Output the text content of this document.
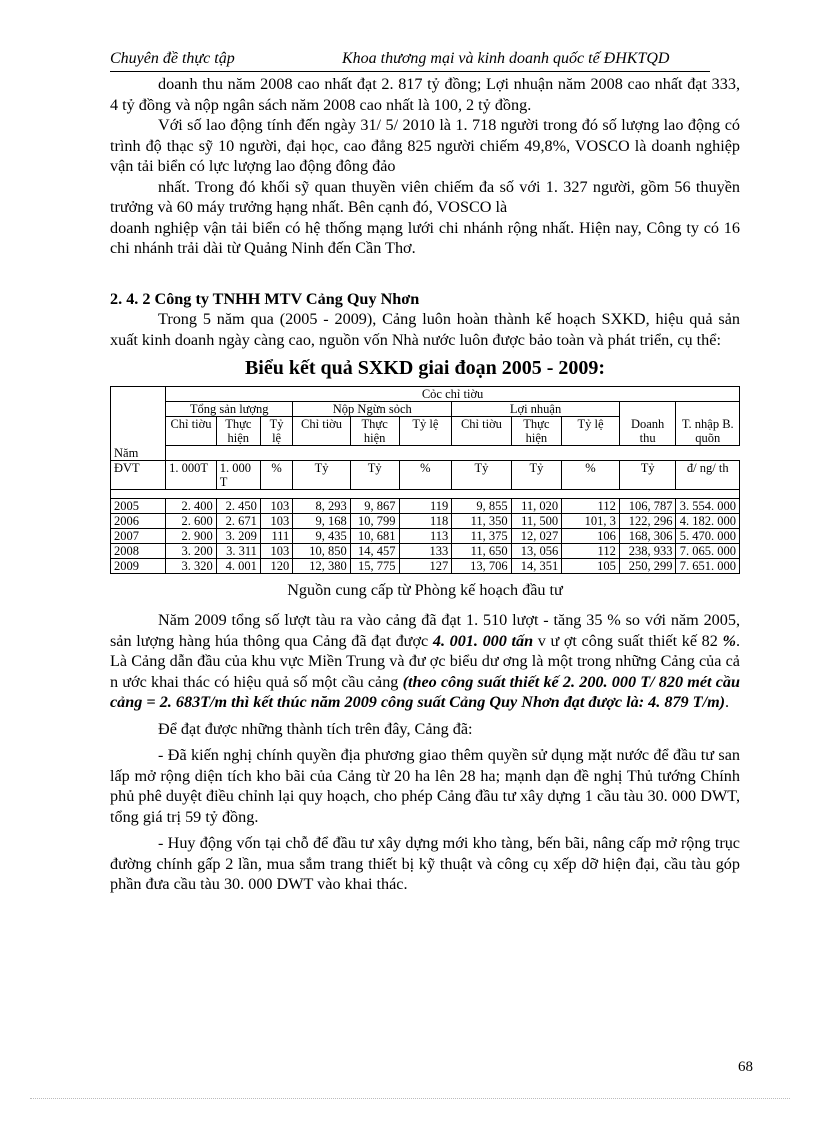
Chuyên đề thực tập	Khoa thương mại và kinh doanh quốc tế ĐHKTQD

doanh thu năm 2008 cao nhất đạt 2. 817 tỷ đồng; Lợi nhuận năm 2008 cao nhất đạt 333, 4 tỷ đồng và nộp ngân sách năm 2008 cao nhất là 100, 2 tỷ đồng.

Với số lao động tính đến ngày 31/ 5/ 2010 là 1. 718 người trong đó số lượng lao động có trình độ thạc sỹ 10 người, đại học, cao đẳng 825 người chiếm 49,8%, VOSCO là doanh nghiệp vận tải biển có lực lượng lao động đông đảo

nhất. Trong đó khối sỹ quan thuyền viên chiếm đa số với 1. 327 người, gồm 56 thuyền trưởng và 60 máy trưởng hạng nhất. Bên cạnh đó, VOSCO là

doanh nghiệp vận tải biển có hệ thống mạng lưới chi nhánh rộng nhất. Hiện nay, Công ty có 16 chi nhánh trải dài từ Quảng Ninh đến Cần Thơ.

2. 4. 2 Công ty TNHH MTV Cảng Quy Nhơn

Trong 5 năm qua (2005 - 2009), Cảng luôn hoàn thành kế hoạch SXKD, hiệu quả sản xuất kinh doanh ngày càng cao, nguồn vốn Nhà nước luôn được bảo toàn và phát triển, cụ thể:

Biểu kết quả SXKD giai đoạn 2005 - 2009:
	Cỏc chỉ tiờu										
	Tổng sản lượng			Nộp Ngừn sỏch			Lợi nhuận				
	Chỉ tiờu	Thực hiện	Tỷ lệ	Chỉ tiờu	Thực hiện	Tỷ lệ	Chỉ tiờu	Thực hiện	Tỷ lệ	Doanh thu	T. nhập B. quõn
Năm											
ĐVT	1. 000T	1. 000 T	%	Tỷ	Tỷ	%	Tỷ	Tỷ	%	Tỷ	đ/ ng/ th

2005	2. 400	2. 450	103	8, 293	9, 867	119	9, 855	11, 020	112	106, 787	3. 554. 000
2006	2. 600	2. 671	103	9, 168	10, 799	118	11, 350	11, 500	101, 3	122, 296	4. 182. 000
2007	2. 900	3. 209	111	9, 435	10, 681	113	11, 375	12, 027	106	168, 306	5. 470. 000
2008	3. 200	3. 311	103	10, 850	14, 457	133	11, 650	13, 056	112	238, 933	7. 065. 000
2009	3. 320	4. 001	120	12, 380	15, 775	127	13, 706	14, 351	105	250, 299	7. 651. 000
Nguồn cung cấp từ Phòng kế hoạch đầu tư

Năm 2009 tổng số lượt tàu ra vào cảng đã đạt 1. 510 lượt - tăng 35 % so với năm 2005, sản lượng hàng húa thông qua Cảng đã đạt được 4. 001. 000 tấn v ư ợt công suất thiết kế 82 %. Là Cảng dẫn đầu của khu vực Miền Trung và đư ợc biểu dư ơng là một trong những Cảng của cả n ước khai thác có hiệu quả số một cầu cảng (theo công suất thiết kế 2. 200. 000 T/ 820 mét cầu cảng = 2. 683T/m thì kết thúc năm 2009 công suất Cảng Quy Nhơn đạt được là: 4. 879 T/m).

Để đạt được những thành tích trên đây, Cảng đã:

- Đã kiến nghị chính quyền địa phương giao thêm quyền sử dụng mặt nước để đầu tư san lấp mở rộng diện tích kho bãi của Cảng từ 20 ha lên 28 ha; mạnh dạn đề nghị Thủ tướng Chính phủ phê duyệt điều chỉnh lại quy hoạch, cho phép Cảng đầu tư xây dựng 1 cầu tàu 30. 000 DWT, tổng giá trị 59 tỷ đồng.

- Huy động vốn tại chỗ để đầu tư xây dựng mới kho tàng, bến bãi, nâng cấp mở rộng trục đường chính gấp 2 lần, mua sắm trang thiết bị kỹ thuật và công cụ xếp dỡ hiện đại, cầu tàu góp phần đưa cầu tàu 30. 000 DWT vào khai thác.

68
